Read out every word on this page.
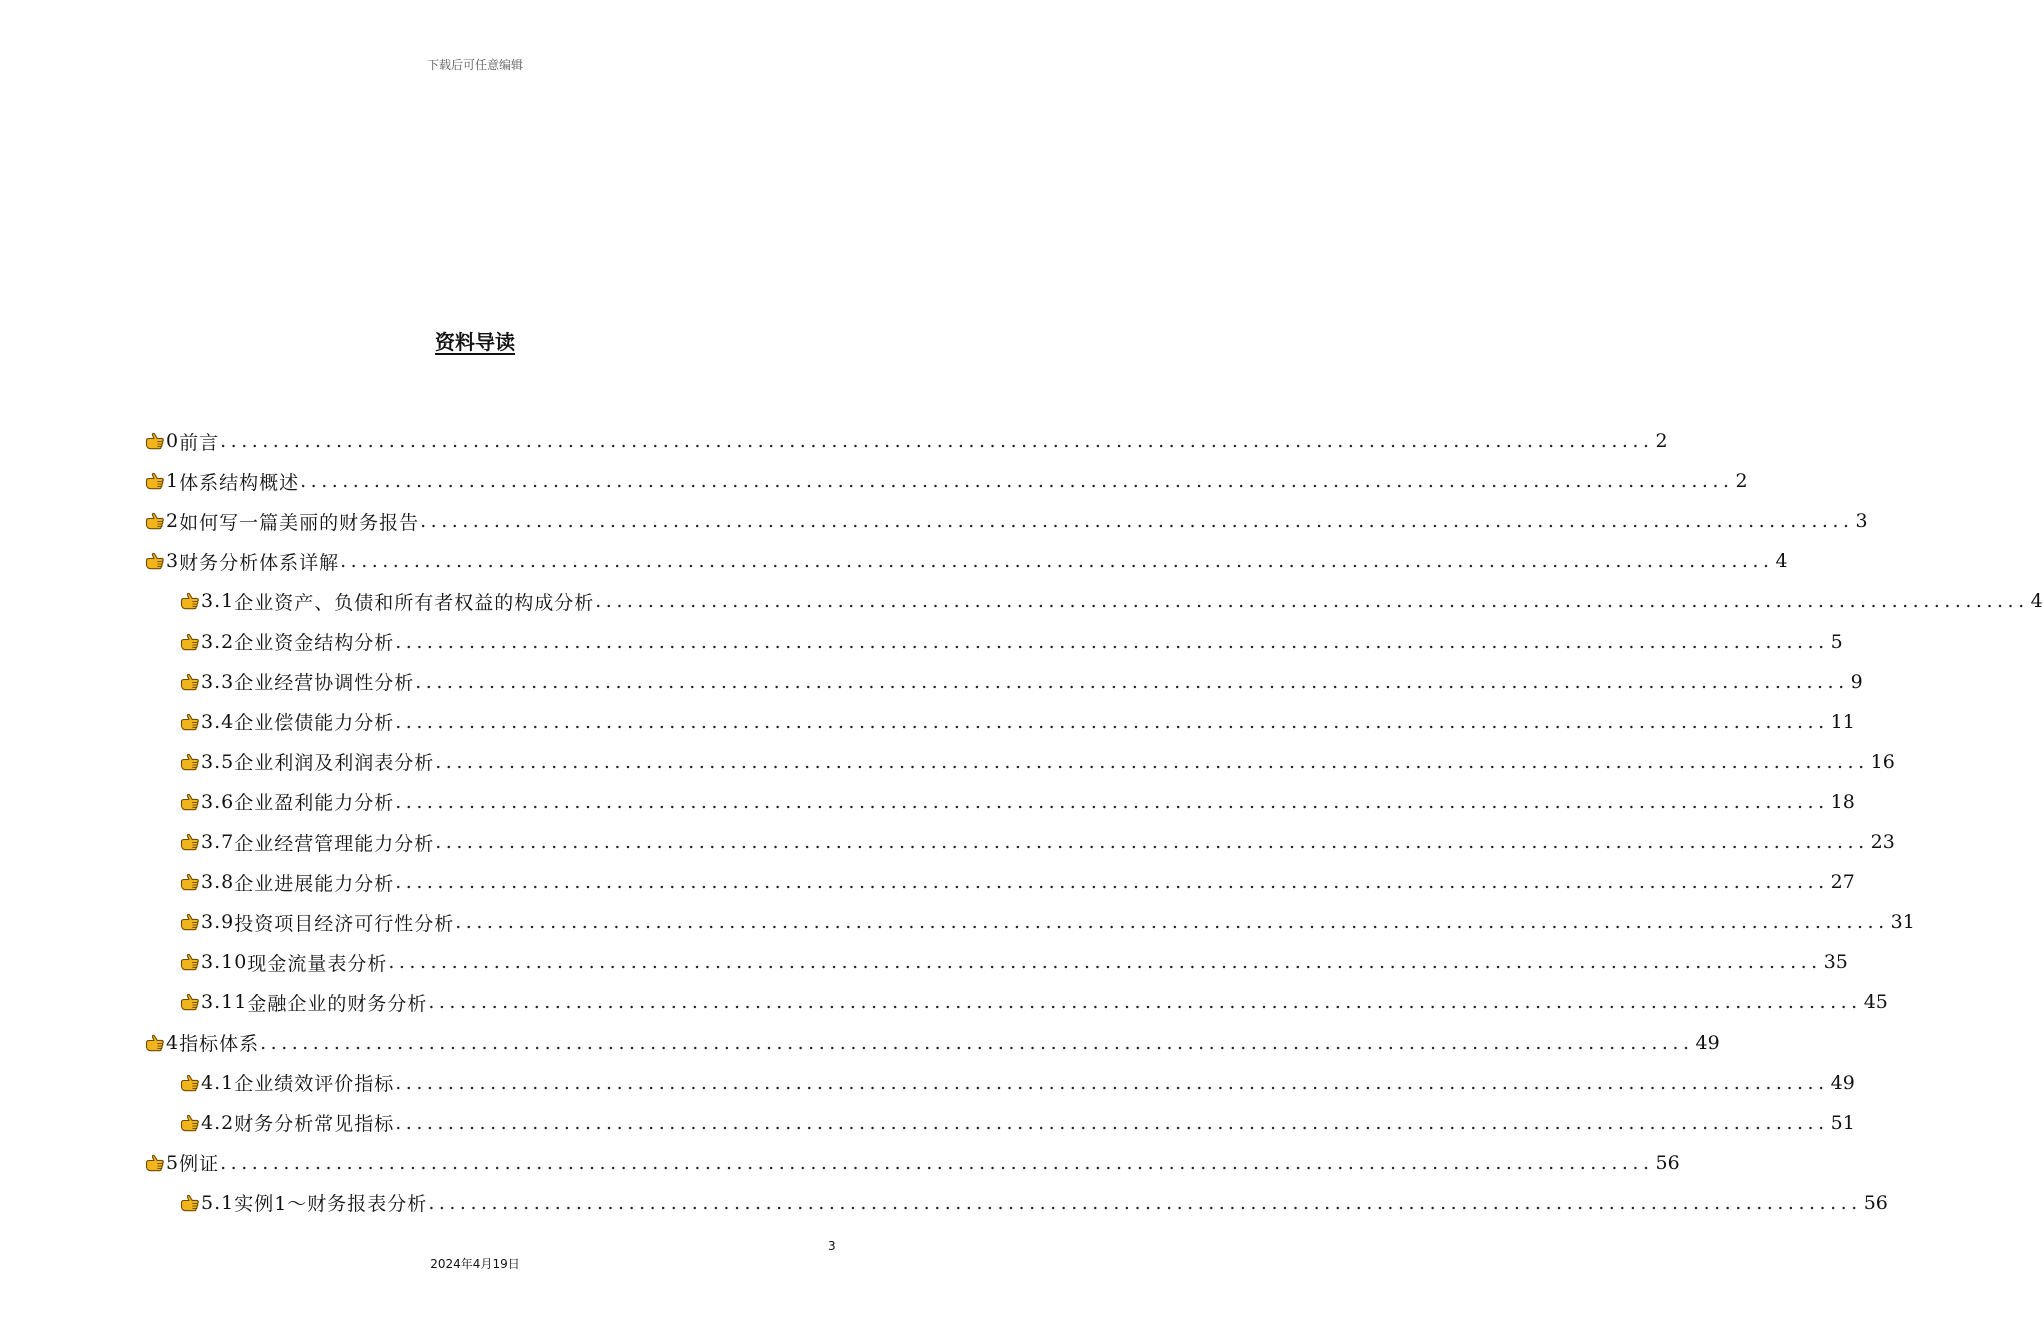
下载后可任意编辑
资料导读
0 前言 ........................................................................................................................................ 2
1 体系结构概述 ........................................................................................................................................ 2
2 如何写一篇美丽的财务报告 ........................................................................................................................................ 3
3 财务分析体系详解 ........................................................................................................................................ 4
3.1 企业资产、负债和所有者权益的构成分析 ........................................................................................................................................ 4
3.2 企业资金结构分析 ........................................................................................................................................ 5
3.3 企业经营协调性分析 ........................................................................................................................................ 9
3.4 企业偿债能力分析 ........................................................................................................................................ 11
3.5 企业利润及利润表分析 ........................................................................................................................................ 16
3.6 企业盈利能力分析 ........................................................................................................................................ 18
3.7 企业经营管理能力分析 ........................................................................................................................................ 23
3.8 企业进展能力分析 ........................................................................................................................................ 27
3.9 投资项目经济可行性分析 ........................................................................................................................................ 31
3.10 现金流量表分析 ........................................................................................................................................ 35
3.11 金融企业的财务分析 ........................................................................................................................................ 45
4 指标体系 ........................................................................................................................................ 49
4.1 企业绩效评价指标 ........................................................................................................................................ 49
4.2 财务分析常见指标 ........................................................................................................................................ 51
5 例证 ........................................................................................................................................ 56
5.1 实例1～财务报表分析 ........................................................................................................................................ 56
3
2024年4月19日
